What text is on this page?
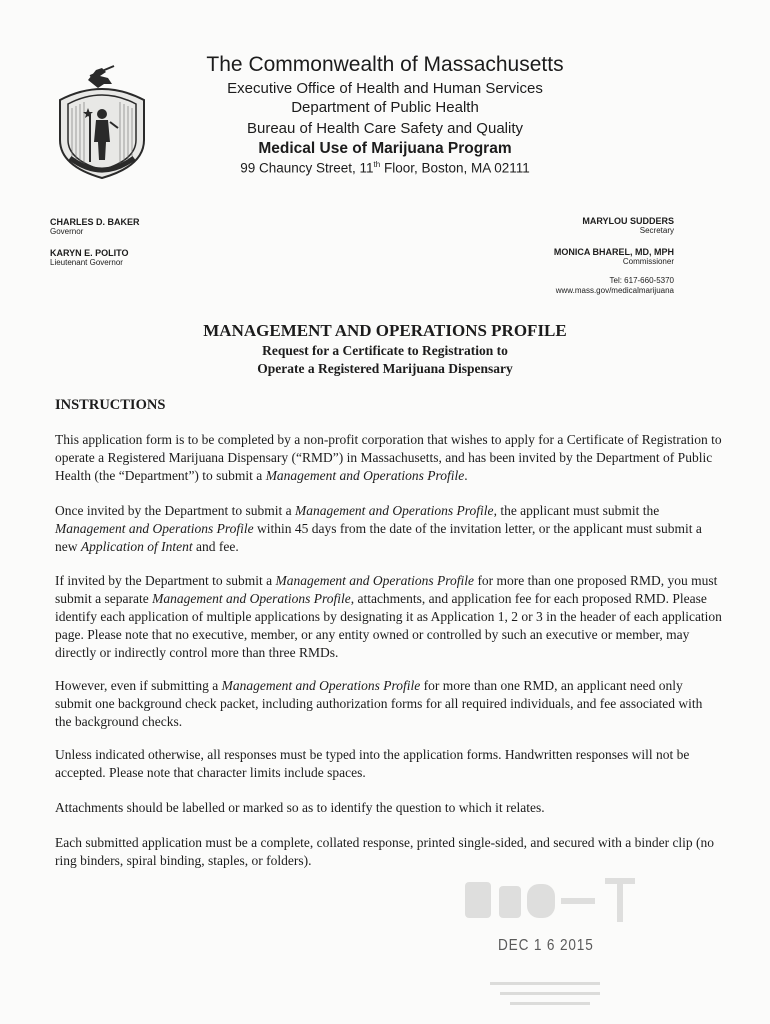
The Commonwealth of Massachusetts
Executive Office of Health and Human Services
Department of Public Health
Bureau of Health Care Safety and Quality
Medical Use of Marijuana Program
99 Chauncy Street, 11th Floor, Boston, MA 02111
CHARLES D. BAKER
Governor
KARYN E. POLITO
Lieutenant Governor
MARYLOU SUDDERS
Secretary
MONICA BHAREL, MD, MPH
Commissioner
Tel: 617-660-5370
www.mass.gov/medicalmarijuana
MANAGEMENT AND OPERATIONS PROFILE
Request for a Certificate to Registration to
Operate a Registered Marijuana Dispensary
INSTRUCTIONS

This application form is to be completed by a non-profit corporation that wishes to apply for a Certificate of Registration to operate a Registered Marijuana Dispensary (“RMD”) in Massachusetts, and has been invited by the Department of Public Health (the “Department”) to submit a Management and Operations Profile.

Once invited by the Department to submit a Management and Operations Profile, the applicant must submit the Management and Operations Profile within 45 days from the date of the invitation letter, or the applicant must submit a new Application of Intent and fee.

If invited by the Department to submit a Management and Operations Profile for more than one proposed RMD, you must submit a separate Management and Operations Profile, attachments, and application fee for each proposed RMD. Please identify each application of multiple applications by designating it as Application 1, 2 or 3 in the header of each application page. Please note that no executive, member, or any entity owned or controlled by such an executive or member, may directly or indirectly control more than three RMDs.

However, even if submitting a Management and Operations Profile for more than one RMD, an applicant need only submit one background check packet, including authorization forms for all required individuals, and fee associated with the background checks.

Unless indicated otherwise, all responses must be typed into the application forms. Handwritten responses will not be accepted. Please note that character limits include spaces.

Attachments should be labelled or marked so as to identify the question to which it relates.

Each submitted application must be a complete, collated response, printed single-sided, and secured with a binder clip (no ring binders, spiral binding, staples, or folders).

DEC 1 6 2015
